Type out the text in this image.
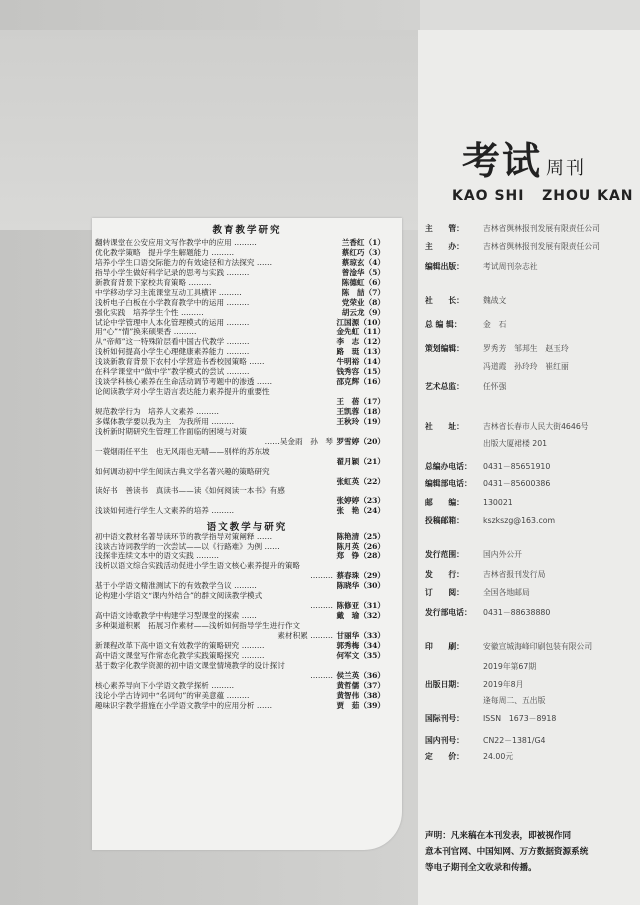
考试 周刊
KAO SHI   ZHOU KAN
教育教学研究
翻转课堂在公安应用文写作教学中的应用 ………	兰香红（1）
优化教学策略　提升学生解题能力 ………	蔡红巧（3）
培养小学生口语交际能力的有效途径和方法探究 ……	蔡琼玄（4）
指导小学生做好科学记录的思考与实践 ………	曾淦华（5）
新教育背景下家校共育策略 ………	陈德虹（6）
中学移动学习主流课堂互动工具横评 ………	陈　喆（7）
浅析电子白板在小学教育教学中的运用 ………	党荣业（8）
强化实践　培养学生个性 ………	胡云龙（9）
试论中学管理中人本化管理模式的运用 ………	江国源（10）
用“心”“情”换来硕果香 ………	金先虹（11）
从“帝师”这一特殊阶层看中国古代教学 ………	李　志（12）
浅析如何提高小学生心理健康素养能力 ………	路　珽（13）
浅谈新教育背景下农村小学营造书香校园策略 ……	牛明裕（14）
在科学课堂中“做中学”教学模式的尝试 ………	钱秀容（15）
浅谈学科核心素养在生命活动调节考题中的渗透 ……	邵克辉（16）
论阅读教学对小学生语言表达能力素养提升的重要性
王　蓓（17）
规范教学行为　培养人文素养 ………	王凯蓉（18）
多媒体教学要以我为主　为我所用 ………	王秋玲（19）
浅析新时期研究生管理工作面临的困境与对策
……吴金雨　孙　琴 罗雪婷（20）
一蓑烟雨任平生　也无风雨也无晴——别样的苏东坡
翟月颖（21）
如何调动初中学生阅读古典文学名著兴趣的策略研究
张虹英（22）
读好书　善读书　真读书——读《如何阅读一本书》有感
张婷婷（23）
浅谈如何进行学生人文素养的培养 ………	张　艳（24）
语文教学与研究
初中语文教材名著导读环节的教学指导对策阐释 ……	陈艳清（25）
浅谈古诗词教学的一次尝试——以《行路难》为例 ……	陈月英（26）
浅探非连续文本中的语文实践 ………	郑　铮（28）
浅析以语文综合实践活动促进小学生语文核心素养提升的策略
……… 蔡春珠（29）
基于小学语文精准测试下的有效教学刍议 ………	陈晓华（30）
论构建小学语文“课内外结合”的群文阅读教学模式
……… 陈修亚（31）
高中语文诗歌教学中构建学习型课堂的探索 ……	戴　瑜（32）
多种渠道积累　拓展习作素材——浅析如何指导学生进行作文
素材积累 ……… 甘丽华（33）
新课程改革下高中语文有效教学的策略研究 ………	郭秀梅（34）
高中语文课堂写作常态化教学实践策略探究 ………	何军文（35）
基于数字化教学资源的初中语文课堂情境教学的设计探讨
……… 侯兰英（36）
核心素养导向下小学语文教学探析 ………	黄哲儒（37）
浅论小学古诗词中“名词句”的审美意蕴 ………	黄智伟（38）
趣味识字教学措施在小学语文教学中的应用分析 ……	贾　茹（39）
主　　管： 吉林省舆林报刊发展有限责任公司
主　　办： 吉林省舆林报刊发展有限责任公司
编辑出版： 考试周刊杂志社
社　　长： 魏战文
总 编 辑：	金　石
策划编辑： 罗秀芳　邹邦生　赵玉玲
冯道霞　孙玲玲　崔红丽
艺术总监： 任怀强
社　　址： 吉林省长春市人民大街4646号
出版大厦裙楼 201
总编办电话： 0431－85651910
编辑部电话： 0431－85600386
邮　　编： 130021
投稿邮箱： kszkszg@163.com
发行范围： 国内外公开
发　　行： 吉林省报刊发行局
订　　阅： 全国各地邮局
发行部电话： 0431－88638880
印　　刷： 安徽宣城海峰印刷包装有限公司
2019年第67期
出版日期： 2019年8月
逢每周二、五出版
国际刊号： ISSN　1673－8918
国内刊号： CN22－1381/G4
定　　价： 24.00元
声明：凡来稿在本刊发表，即被视作同
意本刊官网、中国知网、万方数据资源系统
等电子期刊全文收录和传播。
